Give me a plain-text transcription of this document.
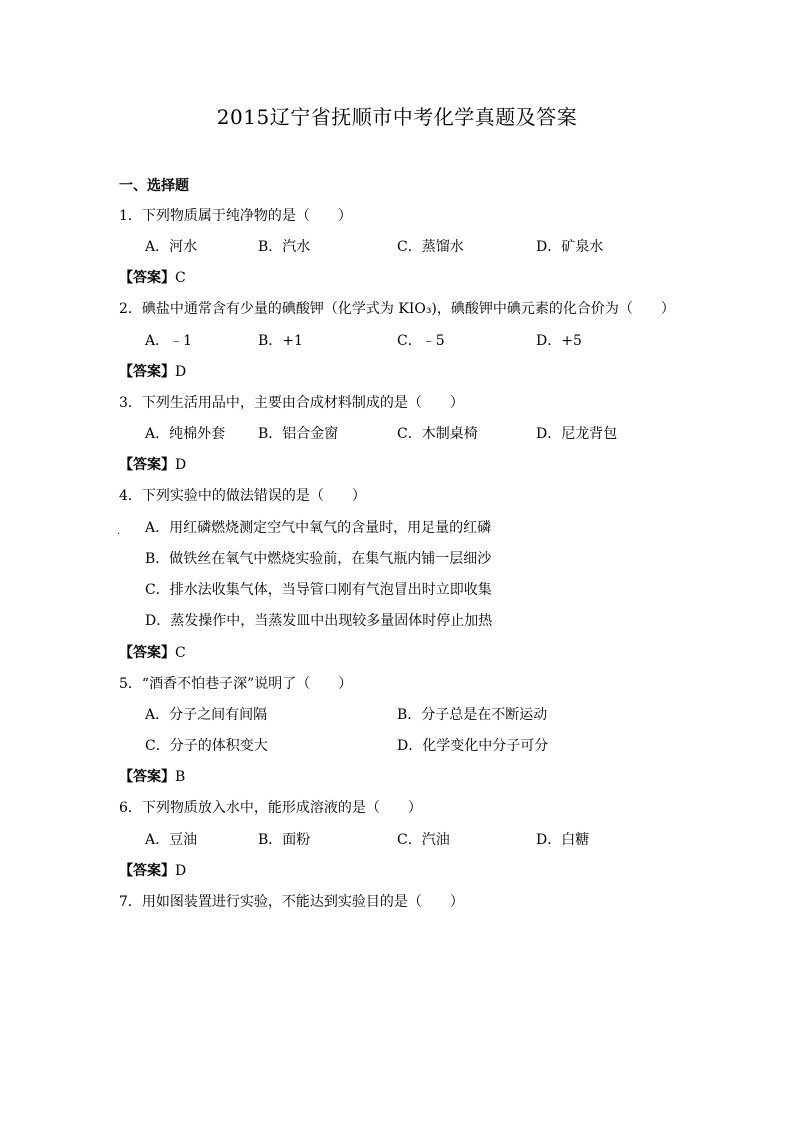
2015辽宁省抚顺市中考化学真题及答案
一、选择题
1．下列物质属于纯净物的是（　　）
A．河水	B．汽水	C．蒸馏水	D．矿泉水
【答案】C
2．碘盐中通常含有少量的碘酸钾（化学式为 KIO₃)，碘酸钾中碘元素的化合价为（　　）
A．﹣1	B．+1	C．﹣5	D．+5
【答案】D
3．下列生活用品中，主要由合成材料制成的是（　　）
A．纯棉外套 B．铝合金窗	C．木制桌椅	D．尼龙背包
【答案】D
4．下列实验中的做法错误的是（　　）
. A．用红磷燃烧测定空气中氧气的含量时，用足量的红磷
B．做铁丝在氧气中燃烧实验前，在集气瓶内铺一层细沙
C．排水法收集气体，当导管口刚有气泡冒出时立即收集
D．蒸发操作中，当蒸发皿中出现较多量固体时停止加热
【答案】C
5．“酒香不怕巷子深”说明了（　　）
A．分子之间有间隔	B．分子总是在不断运动
C．分子的体积变大	D．化学变化中分子可分
【答案】B
6．下列物质放入水中，能形成溶液的是（　　）
A．豆油	B．面粉	C．汽油	D．白糖
【答案】D
7．用如图装置进行实验，不能达到实验目的是（　　）
